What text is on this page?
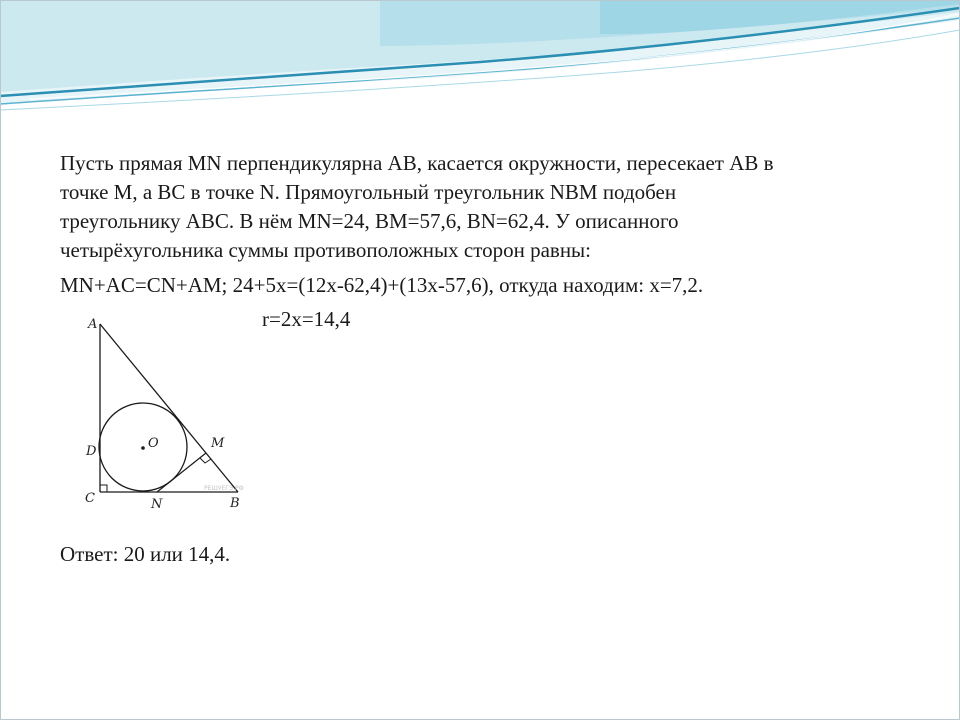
Пусть прямая MN перпендикулярна AB, касается окружности, пересекает AB в

точке M, а BC в точке N. Прямоугольный треугольник NBM подобен

треугольнику ABC. В нём MN=24, BM=57,6, BN=62,4. У описанного

четырёхугольника суммы противоположных сторон равны:

MN+AC=CN+AM; 24+5x=(12x-62,4)+(13x-57,6), откуда находим: x=7,2.

r=2x=14,4

A
D
C	N	B
M
O
РЕШУЕГЭ.РФ

Ответ: 20 или 14,4.
